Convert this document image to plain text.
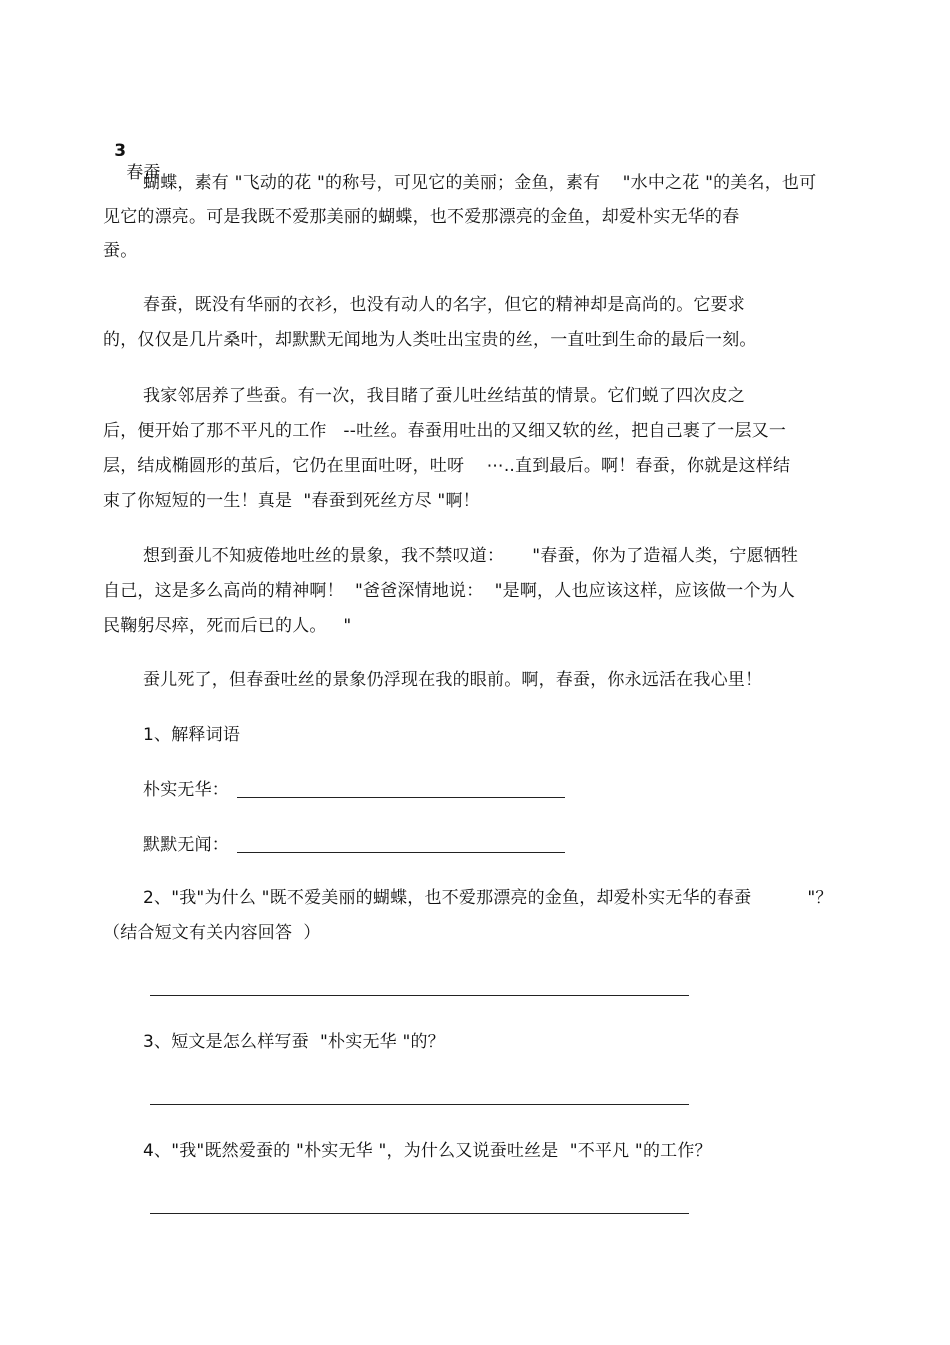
3
春蚕

蝴蝶，素有 "飞动的花 "的称号，可见它的美丽；金鱼，素有    "水中之花 "的美名，也可
见它的漂亮。可是我既不爱那美丽的蝴蝶，也不爱那漂亮的金鱼，却爱朴实无华的春
蚕。
春蚕，既没有华丽的衣衫，也没有动人的名字，但它的精神却是高尚的。它要求
的，仅仅是几片桑叶，却默默无闻地为人类吐出宝贵的丝，一直吐到生命的最后一刻。
我家邻居养了些蚕。有一次，我目睹了蚕儿吐丝结茧的情景。它们蜕了四次皮之
后，便开始了那不平凡的工作   --吐丝。春蚕用吐出的又细又软的丝，把自己裹了一层又一
层，结成椭圆形的茧后，它仍在里面吐呀，吐呀    ⋯..直到最后。啊！春蚕，你就是这样结
束了你短短的一生！真是  "春蚕到死丝方尽 "啊！
想到蚕儿不知疲倦地吐丝的景象，我不禁叹道：     "春蚕，你为了造福人类，宁愿牺牲
自己，这是多么高尚的精神啊！  "爸爸深情地说：  "是啊，人也应该这样，应该做一个为人
民鞠躬尽瘁，死而后已的人。   "
蚕儿死了，但春蚕吐丝的景象仍浮现在我的眼前。啊，春蚕，你永远活在我心里！
1、解释词语
朴实无华：
默默无闻：
2、"我"为什么 "既不爱美丽的蝴蝶，也不爱那漂亮的金鱼，却爱朴实无华的春蚕          "？
（结合短文有关内容回答  ）
3、短文是怎么样写蚕  "朴实无华 "的？
4、"我"既然爱蚕的 "朴实无华 "，为什么又说蚕吐丝是  "不平凡 "的工作？
